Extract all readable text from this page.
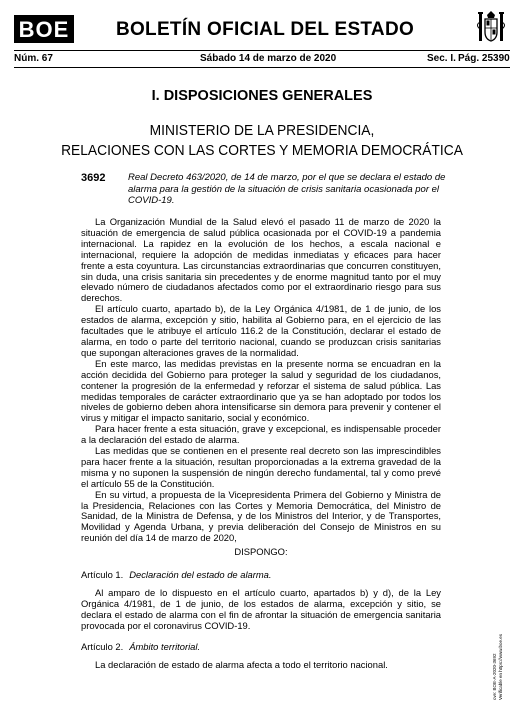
BOE	BOLETÍN OFICIAL DEL ESTADO
Núm. 67	Sábado 14 de marzo de 2020	Sec. I. Pág. 25390
I. DISPOSICIONES GENERALES
MINISTERIO DE LA PRESIDENCIA,
RELACIONES CON LAS CORTES Y MEMORIA DEMOCRÁTICA
3692 Real Decreto 463/2020, de 14 de marzo, por el que se declara el estado de alarma para la gestión de la situación de crisis sanitaria ocasionada por el COVID-19.

La Organización Mundial de la Salud elevó el pasado 11 de marzo de 2020 la situación de emergencia de salud pública ocasionada por el COVID-19 a pandemia internacional. La rapidez en la evolución de los hechos, a escala nacional e internacional, requiere la adopción de medidas inmediatas y eficaces para hacer frente a esta coyuntura. Las circunstancias extraordinarias que concurren constituyen, sin duda, una crisis sanitaria sin precedentes y de enorme magnitud tanto por el muy elevado número de ciudadanos afectados como por el extraordinario riesgo para sus derechos.

El artículo cuarto, apartado b), de la Ley Orgánica 4/1981, de 1 de junio, de los estados de alarma, excepción y sitio, habilita al Gobierno para, en el ejercicio de las facultades que le atribuye el artículo 116.2 de la Constitución, declarar el estado de alarma, en todo o parte del territorio nacional, cuando se produzcan crisis sanitarias que supongan alteraciones graves de la normalidad.

En este marco, las medidas previstas en la presente norma se encuadran en la acción decidida del Gobierno para proteger la salud y seguridad de los ciudadanos, contener la progresión de la enfermedad y reforzar el sistema de salud pública. Las medidas temporales de carácter extraordinario que ya se han adoptado por todos los niveles de gobierno deben ahora intensificarse sin demora para prevenir y contener el virus y mitigar el impacto sanitario, social y económico.

Para hacer frente a esta situación, grave y excepcional, es indispensable proceder a la declaración del estado de alarma.

Las medidas que se contienen en el presente real decreto son las imprescindibles para hacer frente a la situación, resultan proporcionadas a la extrema gravedad de la misma y no suponen la suspensión de ningún derecho fundamental, tal y como prevé el artículo 55 de la Constitución.

En su virtud, a propuesta de la Vicepresidenta Primera del Gobierno y Ministra de la Presidencia, Relaciones con las Cortes y Memoria Democrática, del Ministro de Sanidad, de la Ministra de Defensa, y de los Ministros del Interior, y de Transportes, Movilidad y Agenda Urbana, y previa deliberación del Consejo de Ministros en su reunión del día 14 de marzo de 2020,

DISPONGO:
Artículo 1. Declaración del estado de alarma.

Al amparo de lo dispuesto en el artículo cuarto, apartados b) y d), de la Ley Orgánica 4/1981, de 1 de junio, de los estados de alarma, excepción y sitio, se declara el estado de alarma con el fin de afrontar la situación de emergencia sanitaria provocada por el coronavirus COVID-19.

Artículo 2. Ámbito territorial.

La declaración de estado de alarma afecta a todo el territorio nacional.	cve: BOE-A-2020-3692 Verificable en https://www.boe.es
